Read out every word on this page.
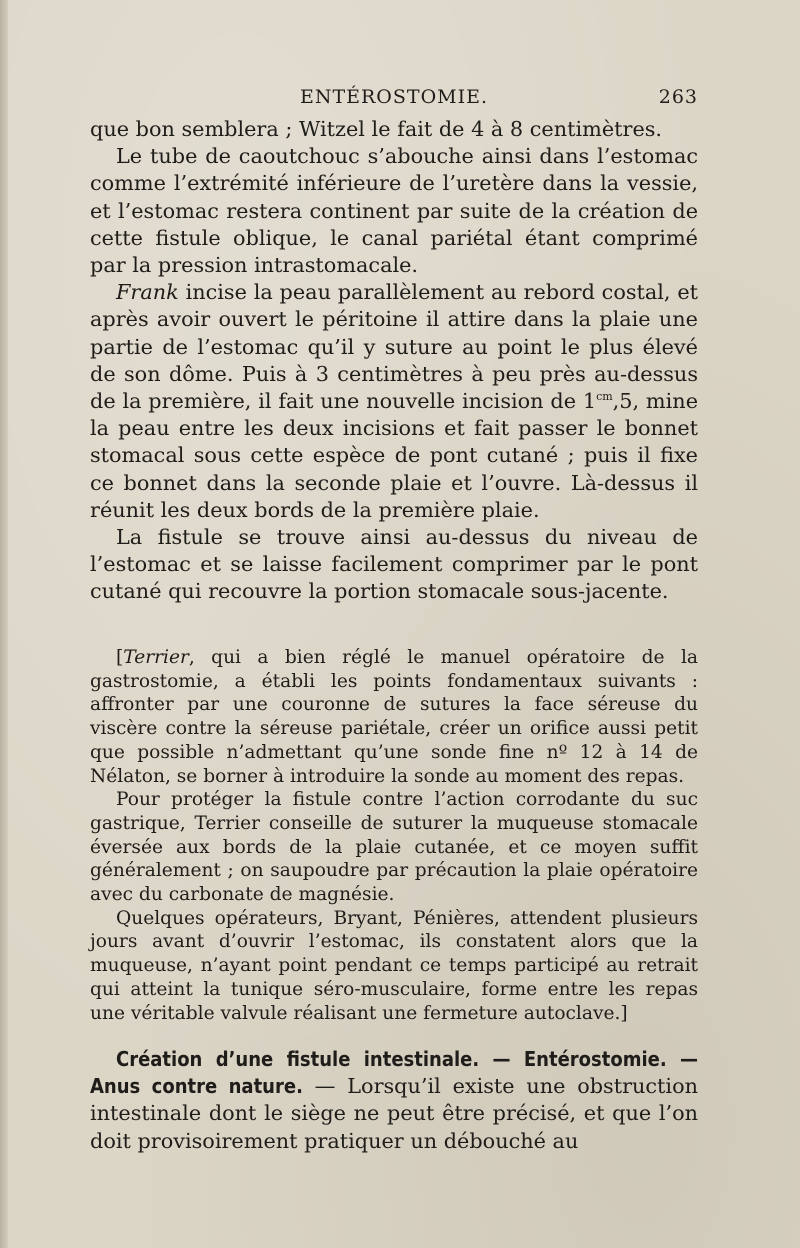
ENTÉROSTOMIE.	263

que bon semblera ; Witzel le fait de 4 à 8 centimètres.

Le tube de caoutchouc s’abouche ainsi dans l’estomac comme l’extrémité inférieure de l’uretère dans la vessie, et l’estomac restera continent par suite de la création de cette fistule oblique, le canal pariétal étant comprimé par la pression intrastomacale.

Frank incise la peau parallèlement au rebord costal, et après avoir ouvert le péritoine il attire dans la plaie une partie de l’estomac qu’il y suture au point le plus élevé de son dôme. Puis à 3 centimètres à peu près au-dessus de la première, il fait une nouvelle incision de $1^{cm},5$, mine la peau entre les deux incisions et fait passer le bonnet stomacal sous cette espèce de pont cutané ; puis il fixe ce bonnet dans la seconde plaie et l’ouvre. Là-dessus il réunit les deux bords de la première plaie.

La fistule se trouve ainsi au-dessus du niveau de l’estomac et se laisse facilement comprimer par le pont cutané qui recouvre la portion stomacale sous-jacente.

[Terrier, qui a bien réglé le manuel opératoire de la gastrostomie, a établi les points fondamentaux suivants : affronter par une couronne de sutures la face séreuse du viscère contre la séreuse pariétale, créer un orifice aussi petit que possible n’admettant qu’une sonde fine nº 12 à 14 de Nélaton, se borner à introduire la sonde au moment des repas.

Pour protéger la fistule contre l’action corrodante du suc gastrique, Terrier conseille de suturer la muqueuse stomacale éversée aux bords de la plaie cutanée, et ce moyen suffit généralement ; on saupoudre par précaution la plaie opératoire avec du carbonate de magnésie.

Quelques opérateurs, Bryant, Pénières, attendent plusieurs jours avant d’ouvrir l’estomac, ils constatent alors que la muqueuse, n’ayant point pendant ce temps participé au retrait qui atteint la tunique séro-musculaire, forme entre les repas une véritable valvule réalisant une fermeture autoclave.]

Création d’une fistule intestinale. — Entérostomie. — Anus contre nature. — Lorsqu’il existe une obstruction intestinale dont le siège ne peut être précisé, et que l’on doit provisoirement pratiquer un débouché au
